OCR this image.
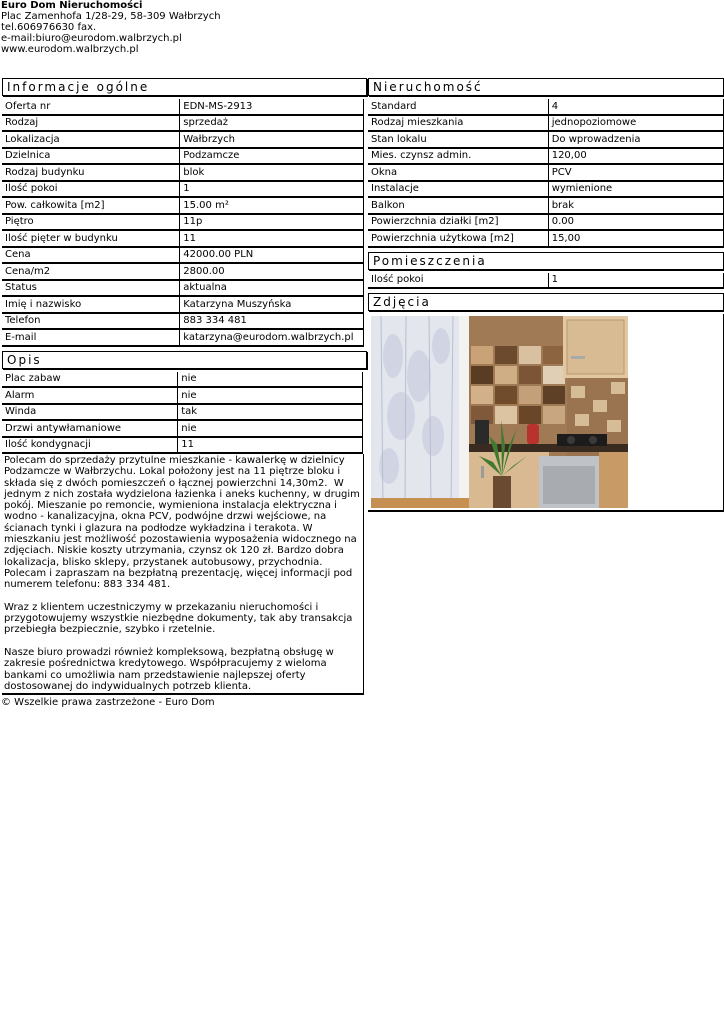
Euro Dom Nieruchomości
Plac Zamenhofa 1/28-29, 58-309 Wałbrzych
tel.606976630 fax.
e-mail:biuro@eurodom.walbrzych.pl
www.eurodom.walbrzych.pl
Informacje ogólne
Oferta nr	EDN-MS-2913
Rodzaj	sprzedaż
Lokalizacja	Wałbrzych
Dzielnica	Podzamcze
Rodzaj budynku	blok
Ilość pokoi	1
Pow. całkowita [m2]	15.00 m²
Piętro	11p
Ilość pięter w budynku	11
Cena	42000.00 PLN
Cena/m2	2800.00
Status	aktualna
Imię i nazwisko	Katarzyna Muszyńska
Telefon	883 334 481
E-mail	katarzyna@eurodom.walbrzych.pl
Opis
Plac zabaw	nie
Alarm	nie
Winda	tak
Drzwi antywłamaniowe	nie
Ilość kondygnacji	11
Polecam do sprzedaży przytulne mieszkanie - kawalerkę w dzielnicy Podzamcze w Wałbrzychu. Lokal położony jest na 11 piętrze bloku i składa się z dwóch pomieszczeń o łącznej powierzchni 14,30m2.  W jednym z nich została wydzielona łazienka i aneks kuchenny, w drugim pokój. Mieszanie po remoncie, wymieniona instalacja elektryczna i wodno - kanalizacyjna, okna PCV, podwójne drzwi wejściowe, na ścianach tynki i glazura na podłodze wykładzina i terakota. W mieszkaniu jest możliwość pozostawienia wyposażenia widocznego na zdjęciach. Niskie koszty utrzymania, czynsz ok 120 zł. Bardzo dobra lokalizacja, blisko sklepy, przystanek autobusowy, przychodnia. Polecam i zapraszam na bezpłatną prezentację, więcej informacji pod numerem telefonu: 883 334 481.

Wraz z klientem uczestniczymy w przekazaniu nieruchomości i przygotowujemy wszystkie niezbędne dokumenty, tak aby transakcja przebiegła bezpiecznie, szybko i rzetelnie.

Nasze biuro prowadzi również kompleksową, bezpłatną obsługę w zakresie pośrednictwa kredytowego. Współpracujemy z wieloma bankami co umożliwia nam przedstawienie najlepszej oferty dostosowanej do indywidualnych potrzeb klienta.
© Wszelkie prawa zastrzeżone - Euro Dom
Nieruchomość
Standard	4
Rodzaj mieszkania	jednopoziomowe
Stan lokalu	Do wprowadzenia
Mies. czynsz admin.	120,00
Okna	PCV
Instalacje	wymienione
Balkon	brak
Powierzchnia działki [m2]	0.00
Powierzchnia użytkowa [m2]	15,00
Pomieszczenia
Ilość pokoi	1
Zdjęcia
